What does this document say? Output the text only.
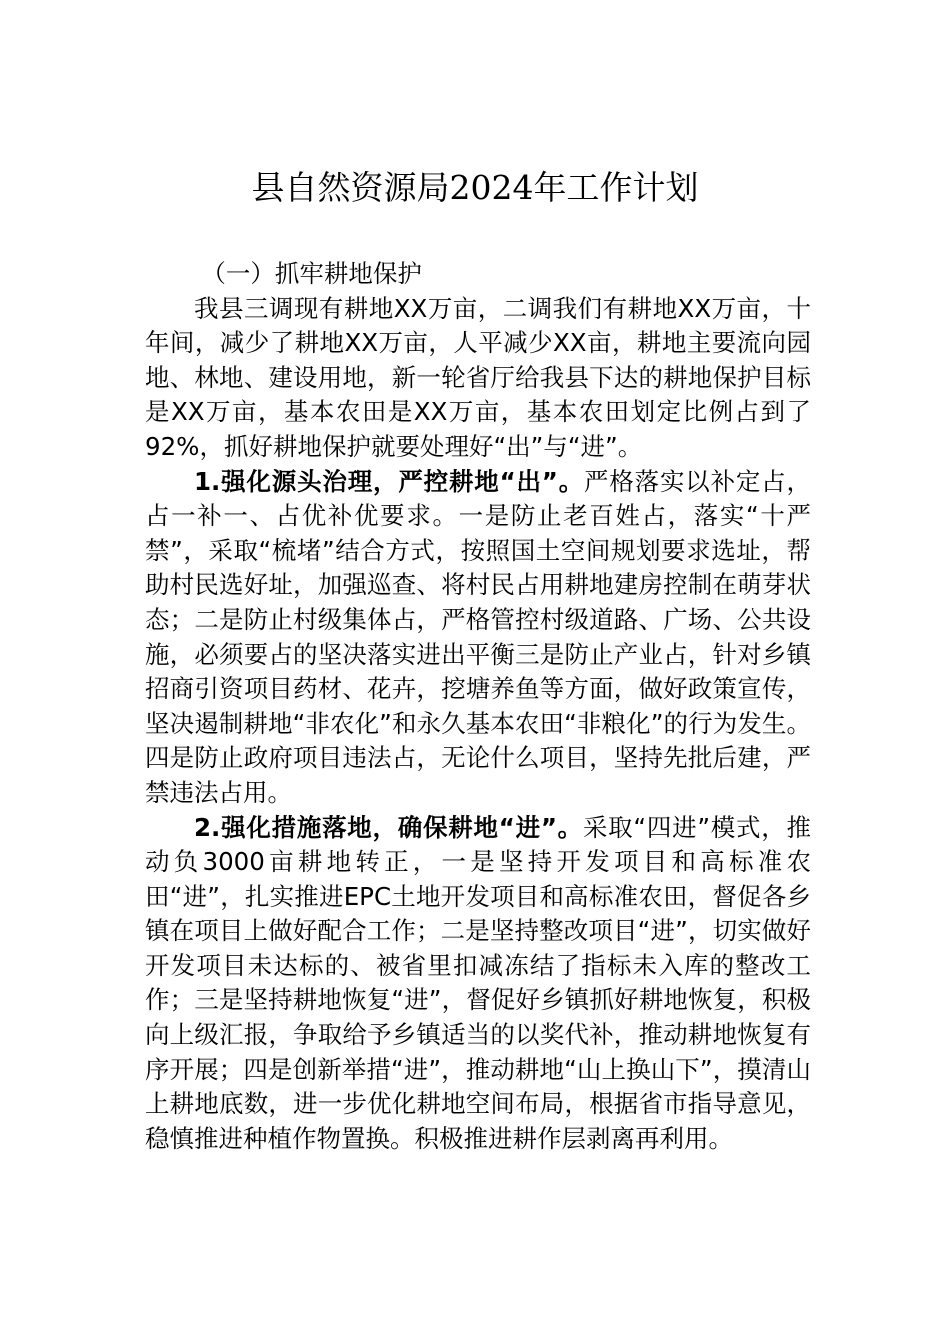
县自然资源局2024年工作计划

（一）抓牢耕地保护

我县三调现有耕地XX万亩，二调我们有耕地XX万亩，十年间，减少了耕地XX万亩，人平减少XX亩，耕地主要流向园地、林地、建设用地，新一轮省厅给我县下达的耕地保护目标是XX万亩，基本农田是XX万亩，基本农田划定比例占到了92%，抓好耕地保护就要处理好“出”与“进”。

1.强化源头治理，严控耕地“出”。严格落实以补定占，占一补一、占优补优要求。一是防止老百姓占，落实“十严禁”，采取“梳堵”结合方式，按照国土空间规划要求选址，帮助村民选好址，加强巡查、将村民占用耕地建房控制在萌芽状态；二是防止村级集体占，严格管控村级道路、广场、公共设施，必须要占的坚决落实进出平衡三是防止产业占，针对乡镇招商引资项目药材、花卉，挖塘养鱼等方面，做好政策宣传，坚决遏制耕地“非农化”和永久基本农田“非粮化”的行为发生。四是防止政府项目违法占，无论什么项目，坚持先批后建，严禁违法占用。

2.强化措施落地，确保耕地“进”。采取“四进”模式，推动负3000亩耕地转正，一是坚持开发项目和高标准农田“进”，扎实推进EPC土地开发项目和高标准农田，督促各乡镇在项目上做好配合工作；二是坚持整改项目“进”，切实做好开发项目未达标的、被省里扣减冻结了指标未入库的整改工作；三是坚持耕地恢复“进”，督促好乡镇抓好耕地恢复，积极向上级汇报，争取给予乡镇适当的以奖代补，推动耕地恢复有序开展；四是创新举措“进”，推动耕地“山上换山下”，摸清山上耕地底数，进一步优化耕地空间布局，根据省市指导意见，稳慎推进种植作物置换。积极推进耕作层剥离再利用。
